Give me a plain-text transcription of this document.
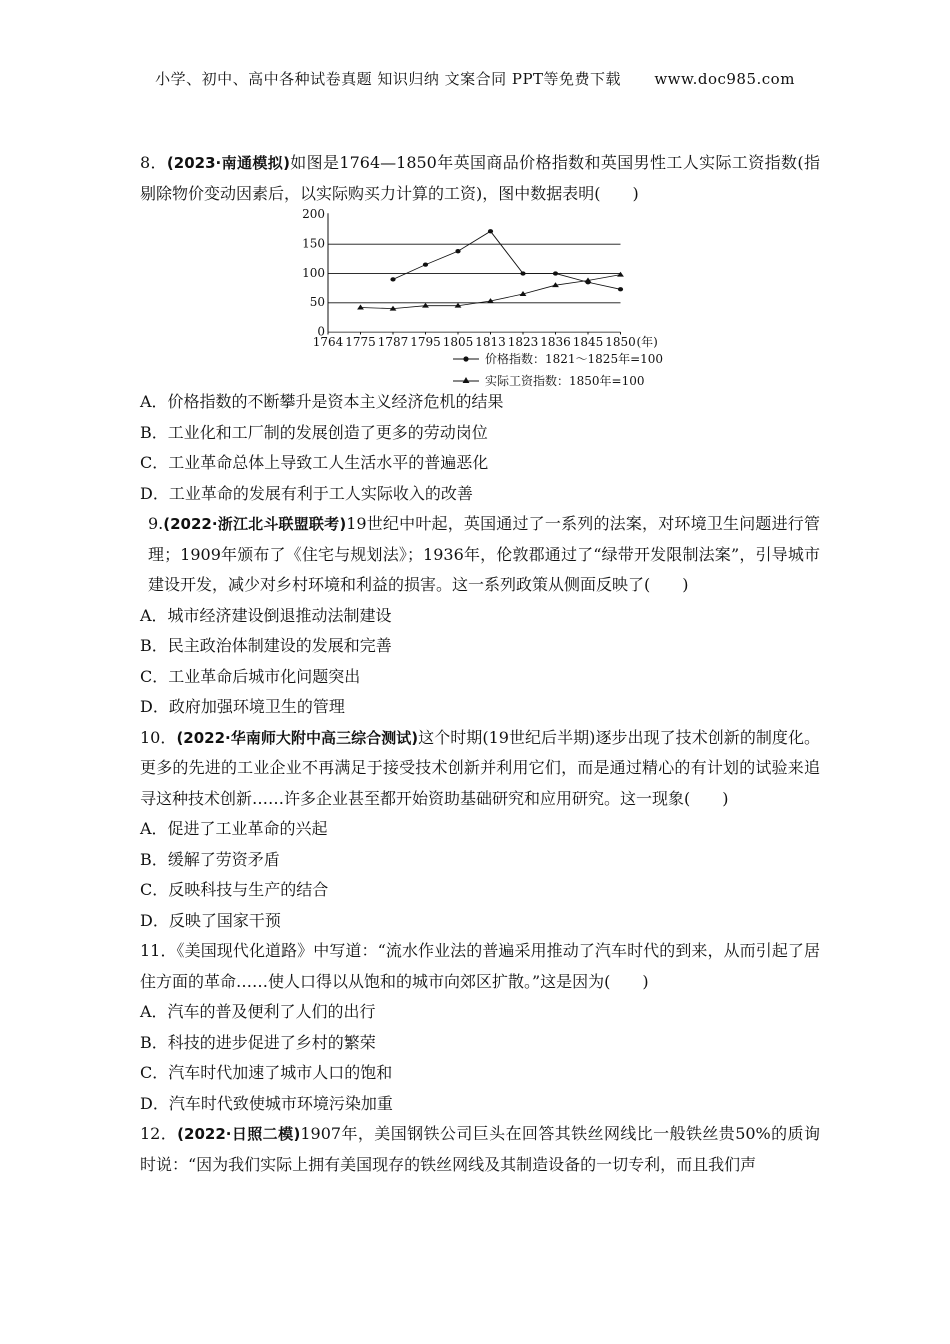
小学、初中、高中各种试卷真题 知识归纳 文案合同 PPT等免费下载 www.doc985.com

8．(2023·南通模拟)如图是1764—1850年英国商品价格指数和英国男性工人实际工资指数(指剔除物价变动因素后，以实际购买力计算的工资)，图中数据表明(　　)

200
150
100
50
0
1764 1775 1787 1795 1805 1813 1823 1836 1845 1850 (年)
价格指数：1821～1825年=100
实际工资指数：1850年=100

A．价格指数的不断攀升是资本主义经济危机的结果

B．工业化和工厂制的发展创造了更多的劳动岗位

C．工业革命总体上导致工人生活水平的普遍恶化

D．工业革命的发展有利于工人实际收入的改善

9.(2022·浙江北斗联盟联考)19世纪中叶起，英国通过了一系列的法案，对环境卫生问题进行管理；1909年颁布了《住宅与规划法》；1936年，伦敦郡通过了“绿带开发限制法案”，引导城市建设开发，减少对乡村环境和利益的损害。这一系列政策从侧面反映了(　　)

A．城市经济建设倒退推动法制建设

B．民主政治体制建设的发展和完善

C．工业革命后城市化问题突出

D．政府加强环境卫生的管理

10．(2022·华南师大附中高三综合测试)这个时期(19世纪后半期)逐步出现了技术创新的制度化。更多的先进的工业企业不再满足于接受技术创新并利用它们，而是通过精心的有计划的试验来追寻这种技术创新……许多企业甚至都开始资助基础研究和应用研究。这一现象(　　)

A．促进了工业革命的兴起

B．缓解了劳资矛盾

C．反映科技与生产的结合

D．反映了国家干预

11．《美国现代化道路》中写道：“流水作业法的普遍采用推动了汽车时代的到来，从而引起了居住方面的革命……使人口得以从饱和的城市向郊区扩散。”这是因为(　　)

A．汽车的普及便利了人们的出行

B．科技的进步促进了乡村的繁荣

C．汽车时代加速了城市人口的饱和

D．汽车时代致使城市环境污染加重

12．(2022·日照二模)1907年，美国钢铁公司巨头在回答其铁丝网线比一般铁丝贵50%的质询时说：“因为我们实际上拥有美国现存的铁丝网线及其制造设备的一切专利，而且我们声
